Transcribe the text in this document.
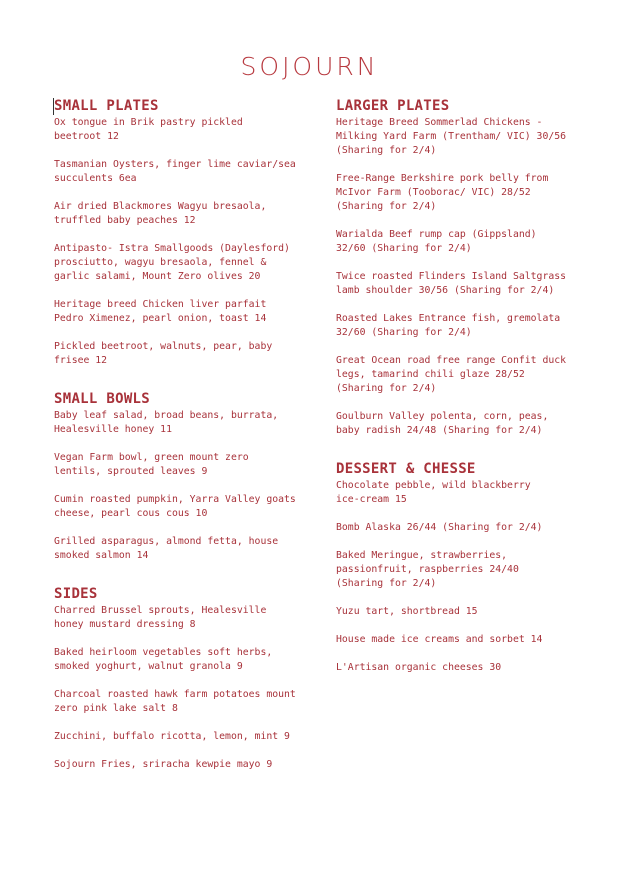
SOJOURN
SMALL PLATES
Ox tongue in Brik pastry pickled
beetroot 12
Tasmanian Oysters, finger lime caviar/sea
succulents 6ea
Air dried Blackmores Wagyu bresaola,
truffled baby peaches 12
Antipasto- Istra Smallgoods (Daylesford)
prosciutto, wagyu bresaola, fennel &
garlic salami, Mount Zero olives 20
Heritage breed Chicken liver parfait
Pedro Ximenez, pearl onion, toast 14
Pickled beetroot, walnuts, pear, baby
frisee 12
SMALL BOWLS
Baby leaf salad, broad beans, burrata,
Healesville honey 11
Vegan Farm bowl, green mount zero
lentils, sprouted leaves 9
Cumin roasted pumpkin, Yarra Valley goats
cheese, pearl cous cous 10
Grilled asparagus, almond fetta, house
smoked salmon 14
SIDES
Charred Brussel sprouts, Healesville
honey mustard dressing 8
Baked heirloom vegetables soft herbs,
smoked yoghurt, walnut granola 9
Charcoal roasted hawk farm potatoes mount
zero pink lake salt 8
Zucchini, buffalo ricotta, lemon, mint 9
Sojourn Fries, sriracha kewpie mayo 9
LARGER PLATES
Heritage Breed Sommerlad Chickens -
Milking Yard Farm (Trentham/ VIC) 30/56
(Sharing for 2/4)
Free-Range Berkshire pork belly from
McIvor Farm (Tooborac/ VIC) 28/52
(Sharing for 2/4)
Warialda Beef rump cap (Gippsland)
32/60 (Sharing for 2/4)
Twice roasted Flinders Island Saltgrass
lamb shoulder 30/56 (Sharing for 2/4)
Roasted Lakes Entrance fish, gremolata
32/60 (Sharing for 2/4)
Great Ocean road free range Confit duck
legs, tamarind chili glaze 28/52
(Sharing for 2/4)
Goulburn Valley polenta, corn, peas,
baby radish 24/48 (Sharing for 2/4)
DESSERT & CHESSE
Chocolate pebble, wild blackberry
ice-cream 15
Bomb Alaska 26/44 (Sharing for 2/4)
Baked Meringue, strawberries,
passionfruit, raspberries 24/40
(Sharing for 2/4)
Yuzu tart, shortbread 15
House made ice creams and sorbet 14
L'Artisan organic cheeses 30
